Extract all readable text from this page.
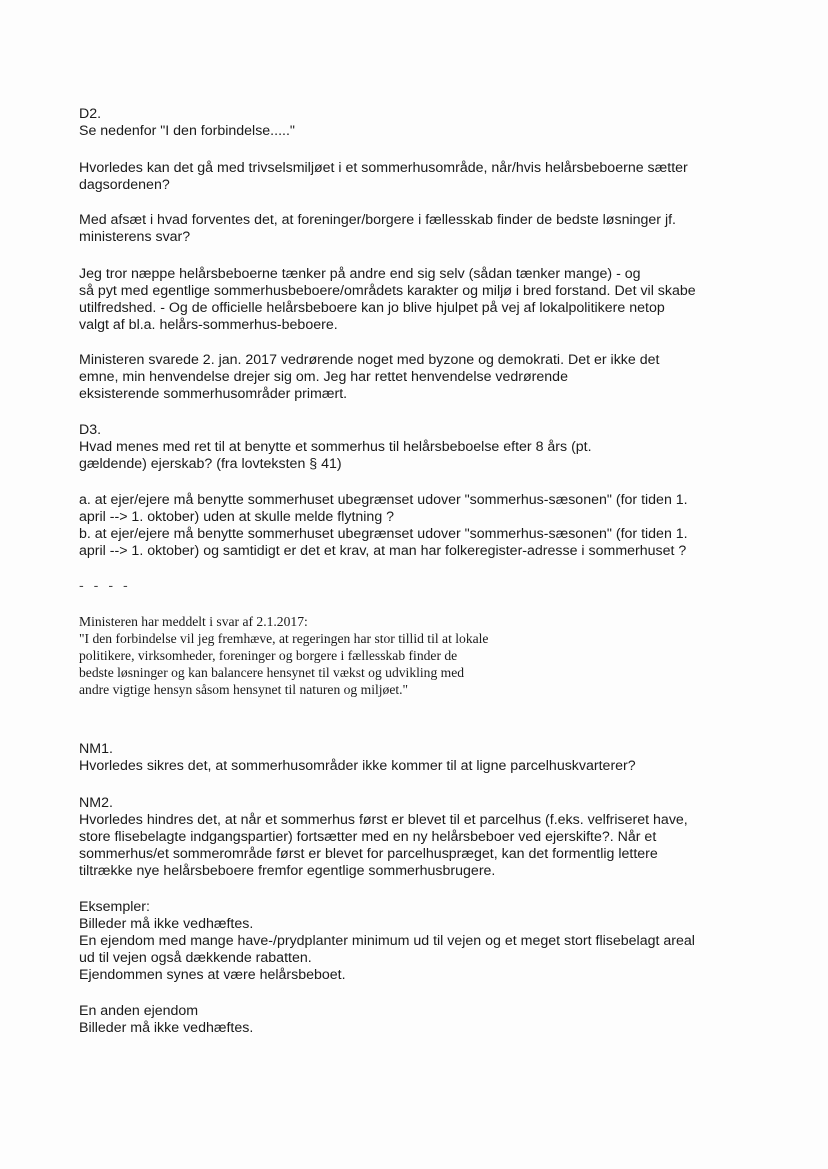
D2.
Se nedenfor "I den forbindelse....."
Hvorledes kan det gå med trivselsmiljøet i et sommerhusområde, når/hvis helårsbeboerne sætter
dagsordenen?
Med afsæt i hvad forventes det, at foreninger/borgere i fællesskab finder de bedste løsninger jf.
ministerens svar?
Jeg tror næppe helårsbeboerne tænker på andre end sig selv (sådan tænker mange) - og
så pyt med egentlige sommerhusbeboere/områdets karakter og miljø i bred forstand. Det vil skabe
utilfredshed. - Og de officielle helårsbeboere kan jo blive hjulpet på vej af lokalpolitikere netop
valgt af bl.a. helårs-sommerhus-beboere.
Ministeren svarede 2. jan. 2017 vedrørende noget med byzone og demokrati. Det er ikke det
emne, min henvendelse drejer sig om. Jeg har rettet henvendelse vedrørende
eksisterende sommerhusområder primært.
D3.
Hvad menes med ret til at benytte et sommerhus til helårsbeboelse efter 8 års (pt.
gældende) ejerskab? (fra lovteksten § 41)
a. at ejer/ejere må benytte sommerhuset ubegrænset udover "sommerhus-sæsonen" (for tiden 1.
april --> 1. oktober) uden at skulle melde flytning ?
b. at ejer/ejere må benytte sommerhuset ubegrænset udover "sommerhus-sæsonen" (for tiden 1.
april --> 1. oktober) og samtidigt er det et krav, at man har folkeregister-adresse i sommerhuset ?
- - - -
Ministeren har meddelt i svar af 2.1.2017:
"I den forbindelse vil jeg fremhæve, at regeringen har stor tillid til at lokale
politikere, virksomheder, foreninger og borgere i fællesskab finder de
bedste løsninger og kan balancere hensynet til vækst og udvikling med
andre vigtige hensyn såsom hensynet til naturen og miljøet."
NM1.
Hvorledes sikres det, at sommerhusområder ikke kommer til at ligne parcelhuskvarterer?
NM2.
Hvorledes hindres det, at når et sommerhus først er blevet til et parcelhus (f.eks. velfriseret have,
store flisebelagte indgangspartier) fortsætter med en ny helårsbeboer ved ejerskifte?. Når et
sommerhus/et sommerområde først er blevet for parcelhuspræget, kan det formentlig lettere
tiltrække nye helårsbeboere fremfor egentlige sommerhusbrugere.
Eksempler:
Billeder må ikke vedhæftes.
En ejendom med mange have-/prydplanter minimum ud til vejen og et meget stort flisebelagt areal
ud til vejen også dækkende rabatten.
Ejendommen synes at være helårsbeboet.
En anden ejendom
Billeder må ikke vedhæftes.
